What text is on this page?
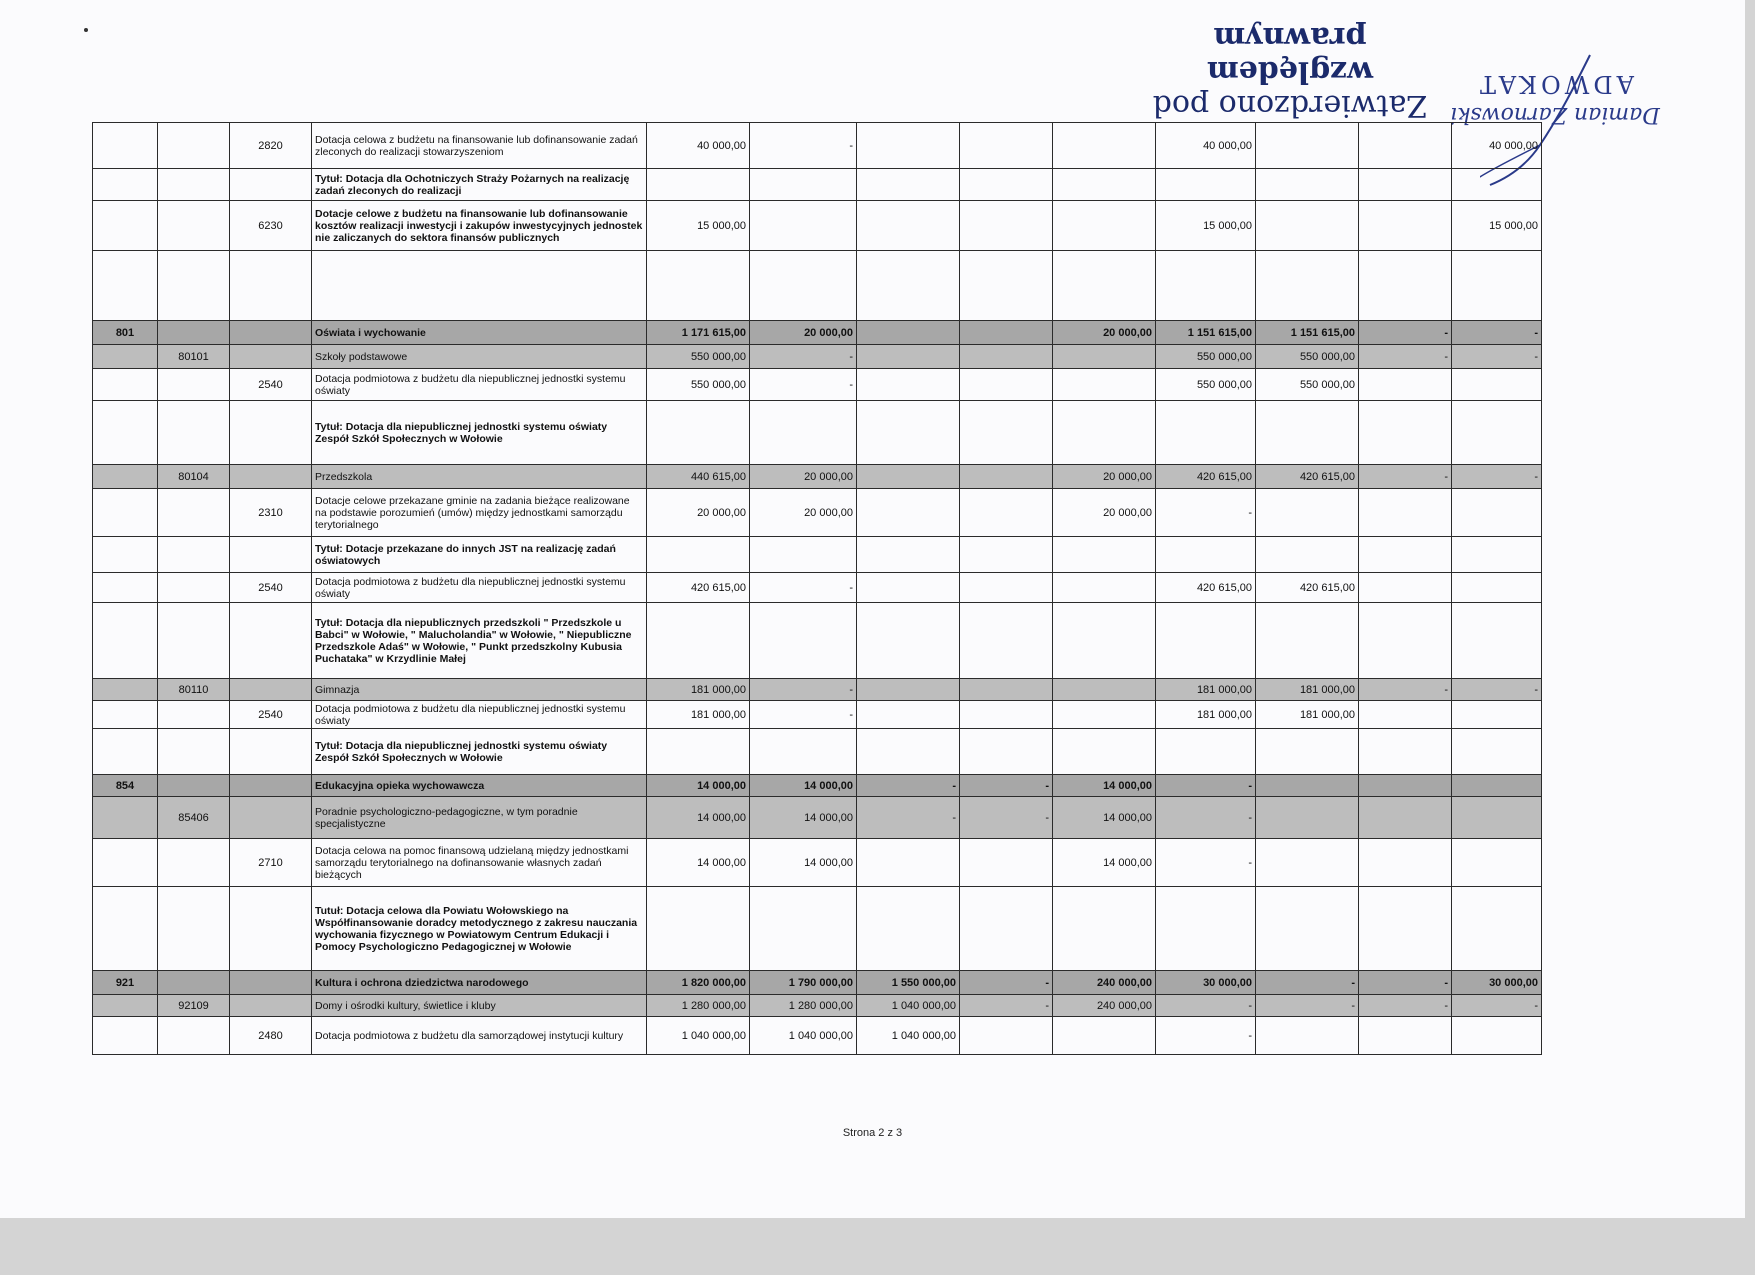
Zatwierdzono pod
względem prawnym
Damian Zarnowski
ADWOKAT
		2820	Dotacja celowa z budżetu na finansowanie lub dofinansowanie zadań zleconych do realizacji stowarzyszeniom	40 000,00	-				40 000,00			40 000,00
			Tytuł: Dotacja dla Ochotniczych Straży Pożarnych na realizację zadań zleconych do realizacji									
		6230	Dotacje celowe z budżetu na finansowanie lub dofinansowanie kosztów realizacji inwestycji i zakupów inwestycyjnych jednostek nie zaliczanych do sektora finansów publicznych	15 000,00					15 000,00			15 000,00

801			Oświata i wychowanie	1 171 615,00	20 000,00			20 000,00	1 151 615,00	1 151 615,00	-	-
	80101		Szkoły podstawowe	550 000,00	-				550 000,00	550 000,00	-	-
		2540	Dotacja podmiotowa z budżetu dla niepublicznej jednostki systemu oświaty	550 000,00	-				550 000,00	550 000,00		
			Tytuł: Dotacja dla niepublicznej jednostki systemu oświaty Zespół Szkół Społecznych w Wołowie									
	80104		Przedszkola	440 615,00	20 000,00			20 000,00	420 615,00	420 615,00	-	-
		2310	Dotacje celowe przekazane gminie na zadania bieżące realizowane na podstawie porozumień (umów) między jednostkami samorządu terytorialnego	20 000,00	20 000,00			20 000,00	-			
			Tytuł: Dotacje przekazane do innych JST na realizację zadań oświatowych									
		2540	Dotacja podmiotowa z budżetu dla niepublicznej jednostki systemu oświaty	420 615,00	-				420 615,00	420 615,00		
			Tytuł: Dotacja dla niepublicznych przedszkoli " Przedszkole u Babci" w Wołowie, " Malucholandia" w Wołowie, " Niepubliczne Przedszkole Adaś" w Wołowie, " Punkt przedszkolny Kubusia Puchataka" w Krzydlinie Małej									
	80110		Gimnazja	181 000,00	-				181 000,00	181 000,00	-	-
		2540	Dotacja podmiotowa z budżetu dla niepublicznej jednostki systemu oświaty	181 000,00	-				181 000,00	181 000,00		
			Tytuł: Dotacja dla niepublicznej jednostki systemu oświaty Zespół Szkół Społecznych w Wołowie									
854			Edukacyjna opieka wychowawcza	14 000,00	14 000,00	-	-	14 000,00	-			
	85406		Poradnie psychologiczno-pedagogiczne, w tym poradnie specjalistyczne	14 000,00	14 000,00	-	-	14 000,00	-			
		2710	Dotacja celowa na pomoc finansową udzielaną między jednostkami samorządu terytorialnego na dofinansowanie własnych zadań bieżących	14 000,00	14 000,00			14 000,00	-			
			Tutuł: Dotacja celowa dla Powiatu Wołowskiego na Współfinansowanie doradcy metodycznego z zakresu nauczania wychowania fizycznego w Powiatowym Centrum Edukacji i Pomocy Psychologiczno Pedagogicznej w Wołowie									
921			Kultura i ochrona dziedzictwa narodowego	1 820 000,00	1 790 000,00	1 550 000,00	-	240 000,00	30 000,00	-	-	30 000,00
	92109		Domy i ośrodki kultury, świetlice i kluby	1 280 000,00	1 280 000,00	1 040 000,00	-	240 000,00	-	-	-	-
		2480	Dotacja podmiotowa z budżetu dla samorządowej instytucji kultury	1 040 000,00	1 040 000,00	1 040 000,00			-			
Strona 2 z 3
